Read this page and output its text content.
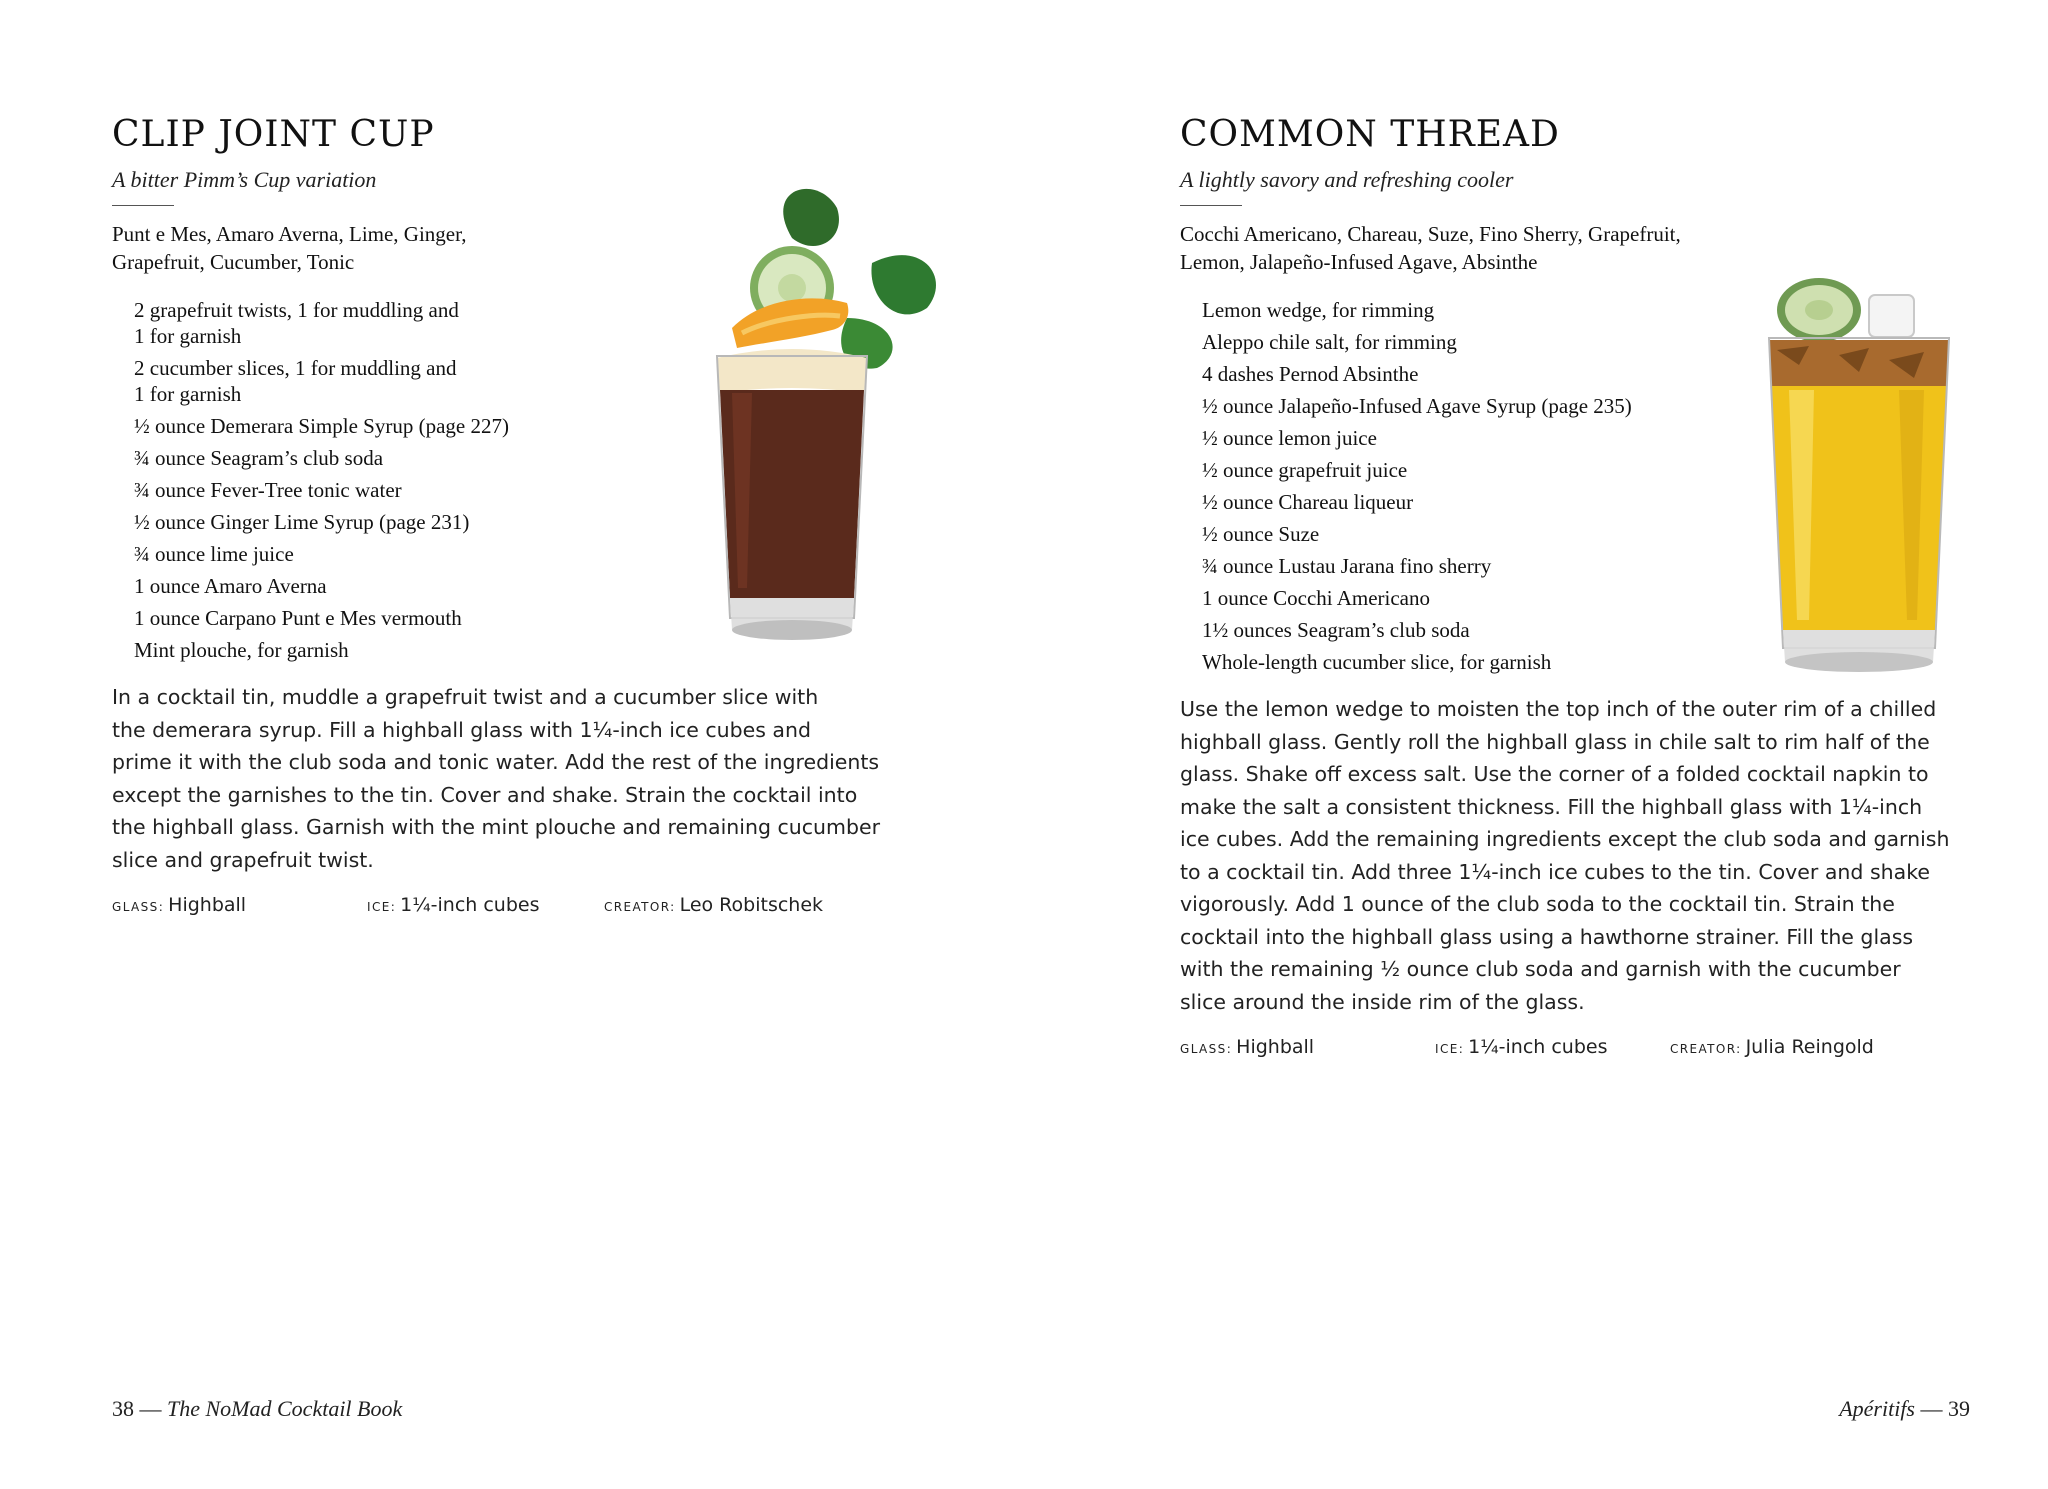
CLIP JOINT CUP
A bitter Pimm’s Cup variation
Punt e Mes, Amaro Averna, Lime, Ginger,
Grapefruit, Cucumber, Tonic
2 grapefruit twists, 1 for muddling and
1 for garnish
2 cucumber slices, 1 for muddling and
1 for garnish
½ ounce Demerara Simple Syrup (page 227)
¾ ounce Seagram’s club soda
¾ ounce Fever-Tree tonic water
½ ounce Ginger Lime Syrup (page 231)
¾ ounce lime juice
1 ounce Amaro Averna
1 ounce Carpano Punt e Mes vermouth
Mint plouche, for garnish
In a cocktail tin, muddle a grapefruit twist and a cucumber slice with
the demerara syrup. Fill a highball glass with 1¼-inch ice cubes and
prime it with the club soda and tonic water. Add the rest of the ingredients
except the garnishes to the tin. Cover and shake. Strain the cocktail into
the highball glass. Garnish with the mint plouche and remaining cucumber
slice and grapefruit twist.
GLASS: Highball	ICE: 1¼-inch cubes	CREATOR: Leo Robitschek
38 — The NoMad Cocktail Book
COMMON THREAD
A lightly savory and refreshing cooler
Cocchi Americano, Chareau, Suze, Fino Sherry, Grapefruit,
Lemon, Jalapeño-Infused Agave, Absinthe
Lemon wedge, for rimming
Aleppo chile salt, for rimming
4 dashes Pernod Absinthe
½ ounce Jalapeño-Infused Agave Syrup (page 235)
½ ounce lemon juice
½ ounce grapefruit juice
½ ounce Chareau liqueur
½ ounce Suze
¾ ounce Lustau Jarana fino sherry
1 ounce Cocchi Americano
1½ ounces Seagram’s club soda
Whole-length cucumber slice, for garnish
Use the lemon wedge to moisten the top inch of the outer rim of a chilled
highball glass. Gently roll the highball glass in chile salt to rim half of the
glass. Shake off excess salt. Use the corner of a folded cocktail napkin to
make the salt a consistent thickness. Fill the highball glass with 1¼-inch
ice cubes. Add the remaining ingredients except the club soda and garnish
to a cocktail tin. Add three 1¼-inch ice cubes to the tin. Cover and shake
vigorously. Add 1 ounce of the club soda to the cocktail tin. Strain the
cocktail into the highball glass using a hawthorne strainer. Fill the glass
with the remaining ½ ounce club soda and garnish with the cucumber
slice around the inside rim of the glass.
GLASS: Highball	ICE: 1¼-inch cubes	CREATOR: Julia Reingold
Apéritifs — 39
